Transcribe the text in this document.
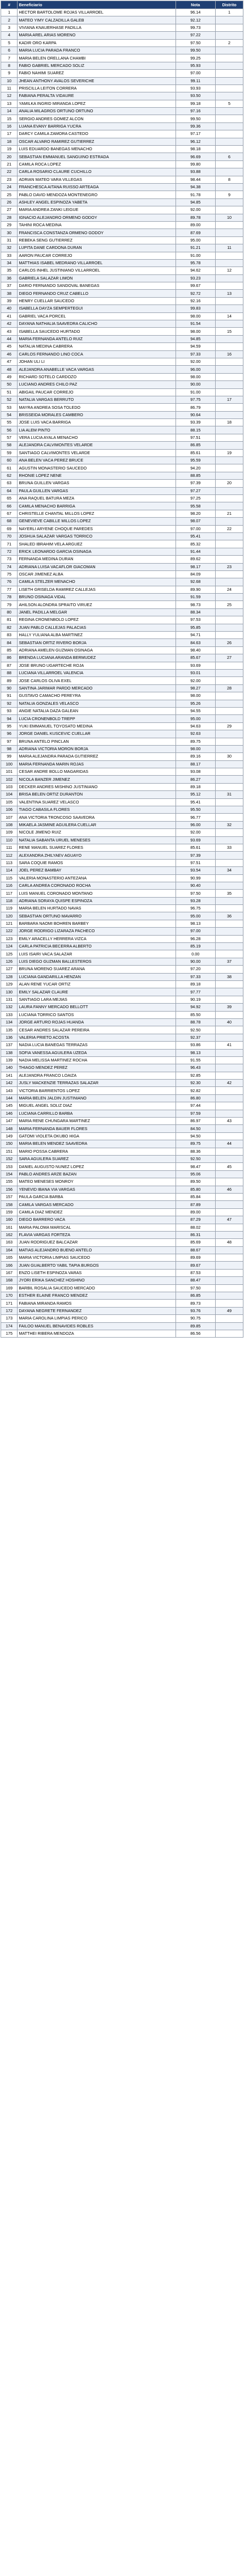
#	Beneficiario	Nota	Distrito
1	HECTOR BARTOLOME ROJAS VILLARROEL	96.14	1
2	MATEO YIMY CALZADILLA GALEB	92.12	
3	VIVIANA KNAUERHASE PADILLA	99.73	
4	MARIA AREL ARIAS MORENO	97.22	
5	KADIR ORO KARPA	97.50	2
6	MARIA LUCIA PARADA FRANCO	99.50	
7	MARIA BELEN ORELLANA CHAMBI	99.25	
8	FABIO GABRIEL MERCADO SOLIZ	95.93	
9	FABIO NAHIMI SUAREZ	97.00	
10	JHEAN ANTHONY AVALOS SEVERICHE	99.11	
11	PRISCILLA LEITON CORRERA	93.93	
12	FABIANA PERALTA VIDAURE	93.50	
13	YAMILKA INGRID MIRANDA LOPEZ	99.18	5
14	ANALIA MILAGROS ORTUNO ORTUNO	97.16	
15	SERGIO ANDRES GOMEZ ALCON	99.50	
16	LUANA EVANY BARRIGA YUCRA	99.36	
17	DARCY CAMILA ZAMORA CASTEDO	97.17	
18	OSCAR ALVARO RAMIREZ GUTIERREZ	96.12	
19	LUIS EDUARDO BANEGAS MENACHO	98.18	
20	SEBASTIAN EMMANUEL SANGUINO ESTRADA	96.69	6
21	CAMILA ROCA LOPEZ	99.80	
22	CARLA ROSARIO CLAURE CUCHILLO	93.88	
23	ADRIAN MATEO VARA VILLEGAS	98.44	8
24	FRANCHESCA AITANA RUISSO ARTEAGA	94.38	
25	PABLO DAVID MENDOZA MONTENEGRO	91.78	9
26	ASHLEY ANGEL ESPINOZA YABETA	94.85	
27	MARIA ANDREA ZANKI LEIGUE	92.00	
28	IGNACIO ALEJANDRO ORMENO GODOY	89.78	10
29	TAHINI ROCA MEDINA	89.00	
30	FRANCISCA CONSTANZA ORMENO GODOY	87.69	
31	REBEKA SENG GUTIERREZ	95.00	
32	LUPITA DANE CARDONA DURAN	91.21	11
33	AARON PAUCAR CORREJO	91.00	
34	MATTHIAS ISABEL MEDRANO VILLARROEL	95.78	
35	CARLOS INHEL JUSTINIANO VILLARROEL	94.62	12
36	GABRIELA SALAZAR LIMON	93.23	
37	DARIO FERNANDO SANDOVAL BANEGAS	99.67	
38	DIEGO FERNANDO CRUZ CABELLO	92.72	13
39	HENRY CUELLAR SAUCEDO	92.16	
40	ISABELLA DAYZA SEMPERTEGUI	99.83	
41	GABRIEL VACA PORCEL	98.00	14
42	DAYANA NATHALIA SAAVEDRA CALICHO	91.54	
43	ISABELLA SAUCEDO HURTADO	98.00	15
44	MARIA FERNANDA ANTELO RUIZ	94.85	
45	NATALIA MEDINA CABRERA	94.59	
46	CARLOS FERNANDO LINO COCA	97.33	16
47	JOHAN ULI LI	92.00	
48	ALEJANDRA ANABELLE VACA VARGAS	96.00	
49	RICHARD SOTELO CARDOZO	98.00	
50	LUCIANO ANDRES CHILO PAZ	90.00	
51	ABIGAIL PAUCAR CORREJO	91.00	
52	NATALIA VARGAS BERRUTO	97.75	17
53	MAYRA ANDREA SOSA TOLEDO	86.79	
54	BRISSEIDA MORALES CAMBERO	90.64	
55	JOSE LUIS VACA BARRIGA	93.39	18
56	LIA ALEM PINTO	88.15	
57	VERA LUCIA AYALA MENACHO	97.51	
58	ALEJANDRA CALVIMONTES VELARDE	86.85	
59	SANTIAGO CALVIMONTES VELARDE	85.61	19
60	ANA BELEN VACA PEREZ BRUCE	95.59	
61	AGUSTIN MONASTERIO SAUCEDO	94.20	
62	RHONIE LOPEZ NENE	88.85	
63	BRUNA GUILLEN VARGAS	97.39	20
64	PAULA GUILLEN VARGAS	97.27	
65	ANA RAQUEL BATURA MEZA	97.25	
66	CAMILA MENACHO BARRIGA	95.58	
67	CHRISTELLE CHANTAL MILLOS LOPEZ	98.20	21
68	GENEVIEVE CABILLE MILLOS LOPEZ	98.07	
69	NAYERLI ARYENE CHOQUE PAREDES	97.00	22
70	JOSHUA SALAZAR VARGAS TORRICO	95.41	
71	SHALED IBRAHIM VELA ARGUEZ	85.32	
72	ERICK LEONARDO GARCIA OSINAGA	91.44	
73	FERNANDA MEDINA DURAN	89.62	
74	ADRIANA LUISA VACAFLOR GIACOMAN	98.17	23
75	OSCAR JIMENEZ ALBA	84.09	
76	CAMILA STELZER MENACHO	92.68	
77	LISETH GRISELDA RAMIREZ CALLEJAS	89.90	24
78	BRUNO OSINAGA VIDAL	91.59	
79	AHILSON ALONDRA SPRAITO VIRUEZ	98.73	25
80	JANEL PADILLA MELGAR	88.34	
81	REGINA CRONENBOLD LOPEZ	97.53	
82	JUAN PABLO CALLEJAS PALACIAS	95.85	
83	HALLY YULIANA ALBA MARTINEZ	94.71	
84	SEBASTIAN ORTIZ RIVERO BORJA	84.63	26
85	ADRIANA AMELEN GUZMAN OSINAGA	98.40	
86	BRENDA LUCIANA ARANDA BERMUDEZ	85.67	27
87	JOSE BRUNO UGARTECHE ROJA	93.69	
88	LUCIANA VILLARROEL VALENCIA	93.01	
89	JOSE CARLOS OLIVA EXEL	92.00	
90	SANTINA JARIMAR PARDO MERCADO	98.27	28
91	GUSTAVO CAMACHO PEREYRA	98.00	
92	NATALIA GONZALES VELASCO	95.26	
93	ANGIE NATALIA DAZA GALEAN	94.55	
94	LUCIA CRONENBOLD TREPP	95.00	
95	YUKI EMMANUEL TOYOSATO MEDINA	94.63	29
96	JORGE DANIEL KUSCEVIC CUELLAR	92.63	
97	BRUNA ANTELO PINCLAN	89.75	
98	ADRIANA VICTORIA MORON BORJA	98.00	
99	MARIA ALEJANDRA PARADA GUTIERREZ	89.16	30
100	MARIA FERNANDA MARIN ROJAS	88.17	
101	CESAR ANDRE BOLLO MAGARIDAS	93.08	
102	NICOLA BANZER JIMENEZ	86.27	
103	DECKER ANDRES MISHINO JUSTINIANO	89.18	
104	BRISA BELEN ORTIZ DURANTON	95.12	31
105	VALENTINA SUAREZ VELASCO	95.41	
106	TIAGO CABASILA FLORES	95.50	
107	ANA VICTORIA TRONCOSO SAAVEDRA	96.77	
108	MIKAELA JASMINE AGUILERA CUELLAR	96.00	32
109	NICOLE JIMENO RUIZ	92.00	
110	NATALIA SABANTA URUEL MENESES	93.69	
111	RENE MANUEL SUAREZ FLORES	85.61	33
112	ALEXANDRA ZHILYAEV AGUAYO	97.39	
113	SARA COQUIE RAMOS	97.51	
114	JOEL PEREZ BAMBAY	93.54	34
115	VALERIA MONASTERIO ANTEZANA	90.99	
116	CARLA ANDREA CORONADO ROCHA	90.40	
117	LUIS MANUEL CORONADO MONTANO	97.50	35
118	ADRIANA SORAYA QUISPE ESPINOZA	93.28	
119	MARIA BELEN HURTADO NAVAS	96.75	
120	SEBASTIAN ORTUNO MAVARRO	95.00	36
121	BARBARA NAOMI BOHREN BARBEY	98.13	
122	JORGE RODRIGO LIZARAZA PACHECO	97.00	
123	EMILY ARACELLY HERRERA VIZCA	96.28	
124	CARLA PATRICIA BECERRA ALBERTO	85.19	
125	LUIS ISAIRI VACA SALAZAR	0.00	
126	LUIS DIEGO GUZMAN BALLESTEROS	90.00	37
127	BRUNA MORENO SUAREZ ARANA	97.20	
128	LUCIANA GANDARILLA HENZAN	97.33	38
129	ALAN RENE YUCAR ORTIZ	89.18	
130	EMILY SALAZAR CLAURE	97.77	
131	SANTIAGO LARA MEJIAS	90.19	
132	LAURA FANNY MERCADO BELLOTT	94.92	39
133	LUCIANA TORRICO SANTOS	85.50	
134	JORGE ARTURO ROJAS HUANDA	88.78	40
135	CESAR ANDRES SALAZAR PEREIRA	92.50	
136	VALERIA PRIETO ACOSTA	92.37	
137	NADIA LUCIA BANEGAS TERRAZAS	93.86	41
138	SOFIA VANESSA AGUILERA UZEDA	98.13	
139	NADIA MELISSA MARTINEZ ROCHA	91.55	
140	THIAGO MENDEZ PEREZ	96.43	
141	ALEJANDRA FRANCO LOAIZA	92.85	
142	JUSLY MACKENZIE TERRAZAS SALAZAR	92.30	42
143	VICTORIA BARRIENTOS LOPEZ	92.82	
144	MARIA BELEN JALDIN JUSTINIANO	86.80	
145	MIGUEL ANGEL SOLIZ DIAZ	97.44	
146	LUCIANA CARRILLO BARBA	97.59	
147	MARIA RENE CHUNGARA MARTINEZ	86.97	43
148	MARIA FERNANDA BAUER FLORES	84.50	
149	GATOMI VIOLETA OKUBO HIGA	94.50	
150	MARIA BELEN MENDEZ SAAVEDRA	89.75	44
151	MARIO POSSA CABRERA	88.36	
152	SARA AGUILERA SUAREZ	92.50	
153	DANIEL AUGUSTO NUNEZ LOPEZ	98.47	45
154	PABLO ANDRES ARZE BAZAN	95.06	
155	MATEO MENESES MONROY	89.50	
156	YENEVID IBANA VIA VARGAS	85.80	46
157	PAULA GARCIA BARBA	85.84	
158	CAMILA VARGAS MERCADO	87.89	
159	CAMILA DIAZ MENDEZ	89.00	
160	DIEGO BARRERO VACA	87.29	47
161	MARIA PALOMA MARISCAL	88.02	
162	FLAVIA VARGAS FORTEZA	86.31	
163	JUAN RODRIGUEZ BALCAZAR	85.69	48
164	MATIAS ALEJANDRO BUENO ANTELO	88.67	
165	MARIA VICTORIA LIMPIAS SAUCEDO	89.69	
166	JUAN GUALBERTO YABIL TAPIA BURGOS	89.67	
167	ENZO LISETH ESPINOZA VARAS	87.53	
168	JYORI ERIKA SANCHEZ HOSHINO	88.47	
169	BARBIL ROSALIA SAUCEDO MERCADO	97.50	
170	ESTHER ELAINE FRANCO MENDEZ	86.85	
171	FABIANA MIRANDA RAMOS	89.73	
172	DAYANA NEGRETE FERNANDEZ	93.76	49
173	MARIA CAROLINA LIMPIAS PERICO	90.75	
174	FAILOO MANUEL BENAVIDES ROBLES	89.85	
175	MATTHEI RIBERA MENDOZA	86.56	
